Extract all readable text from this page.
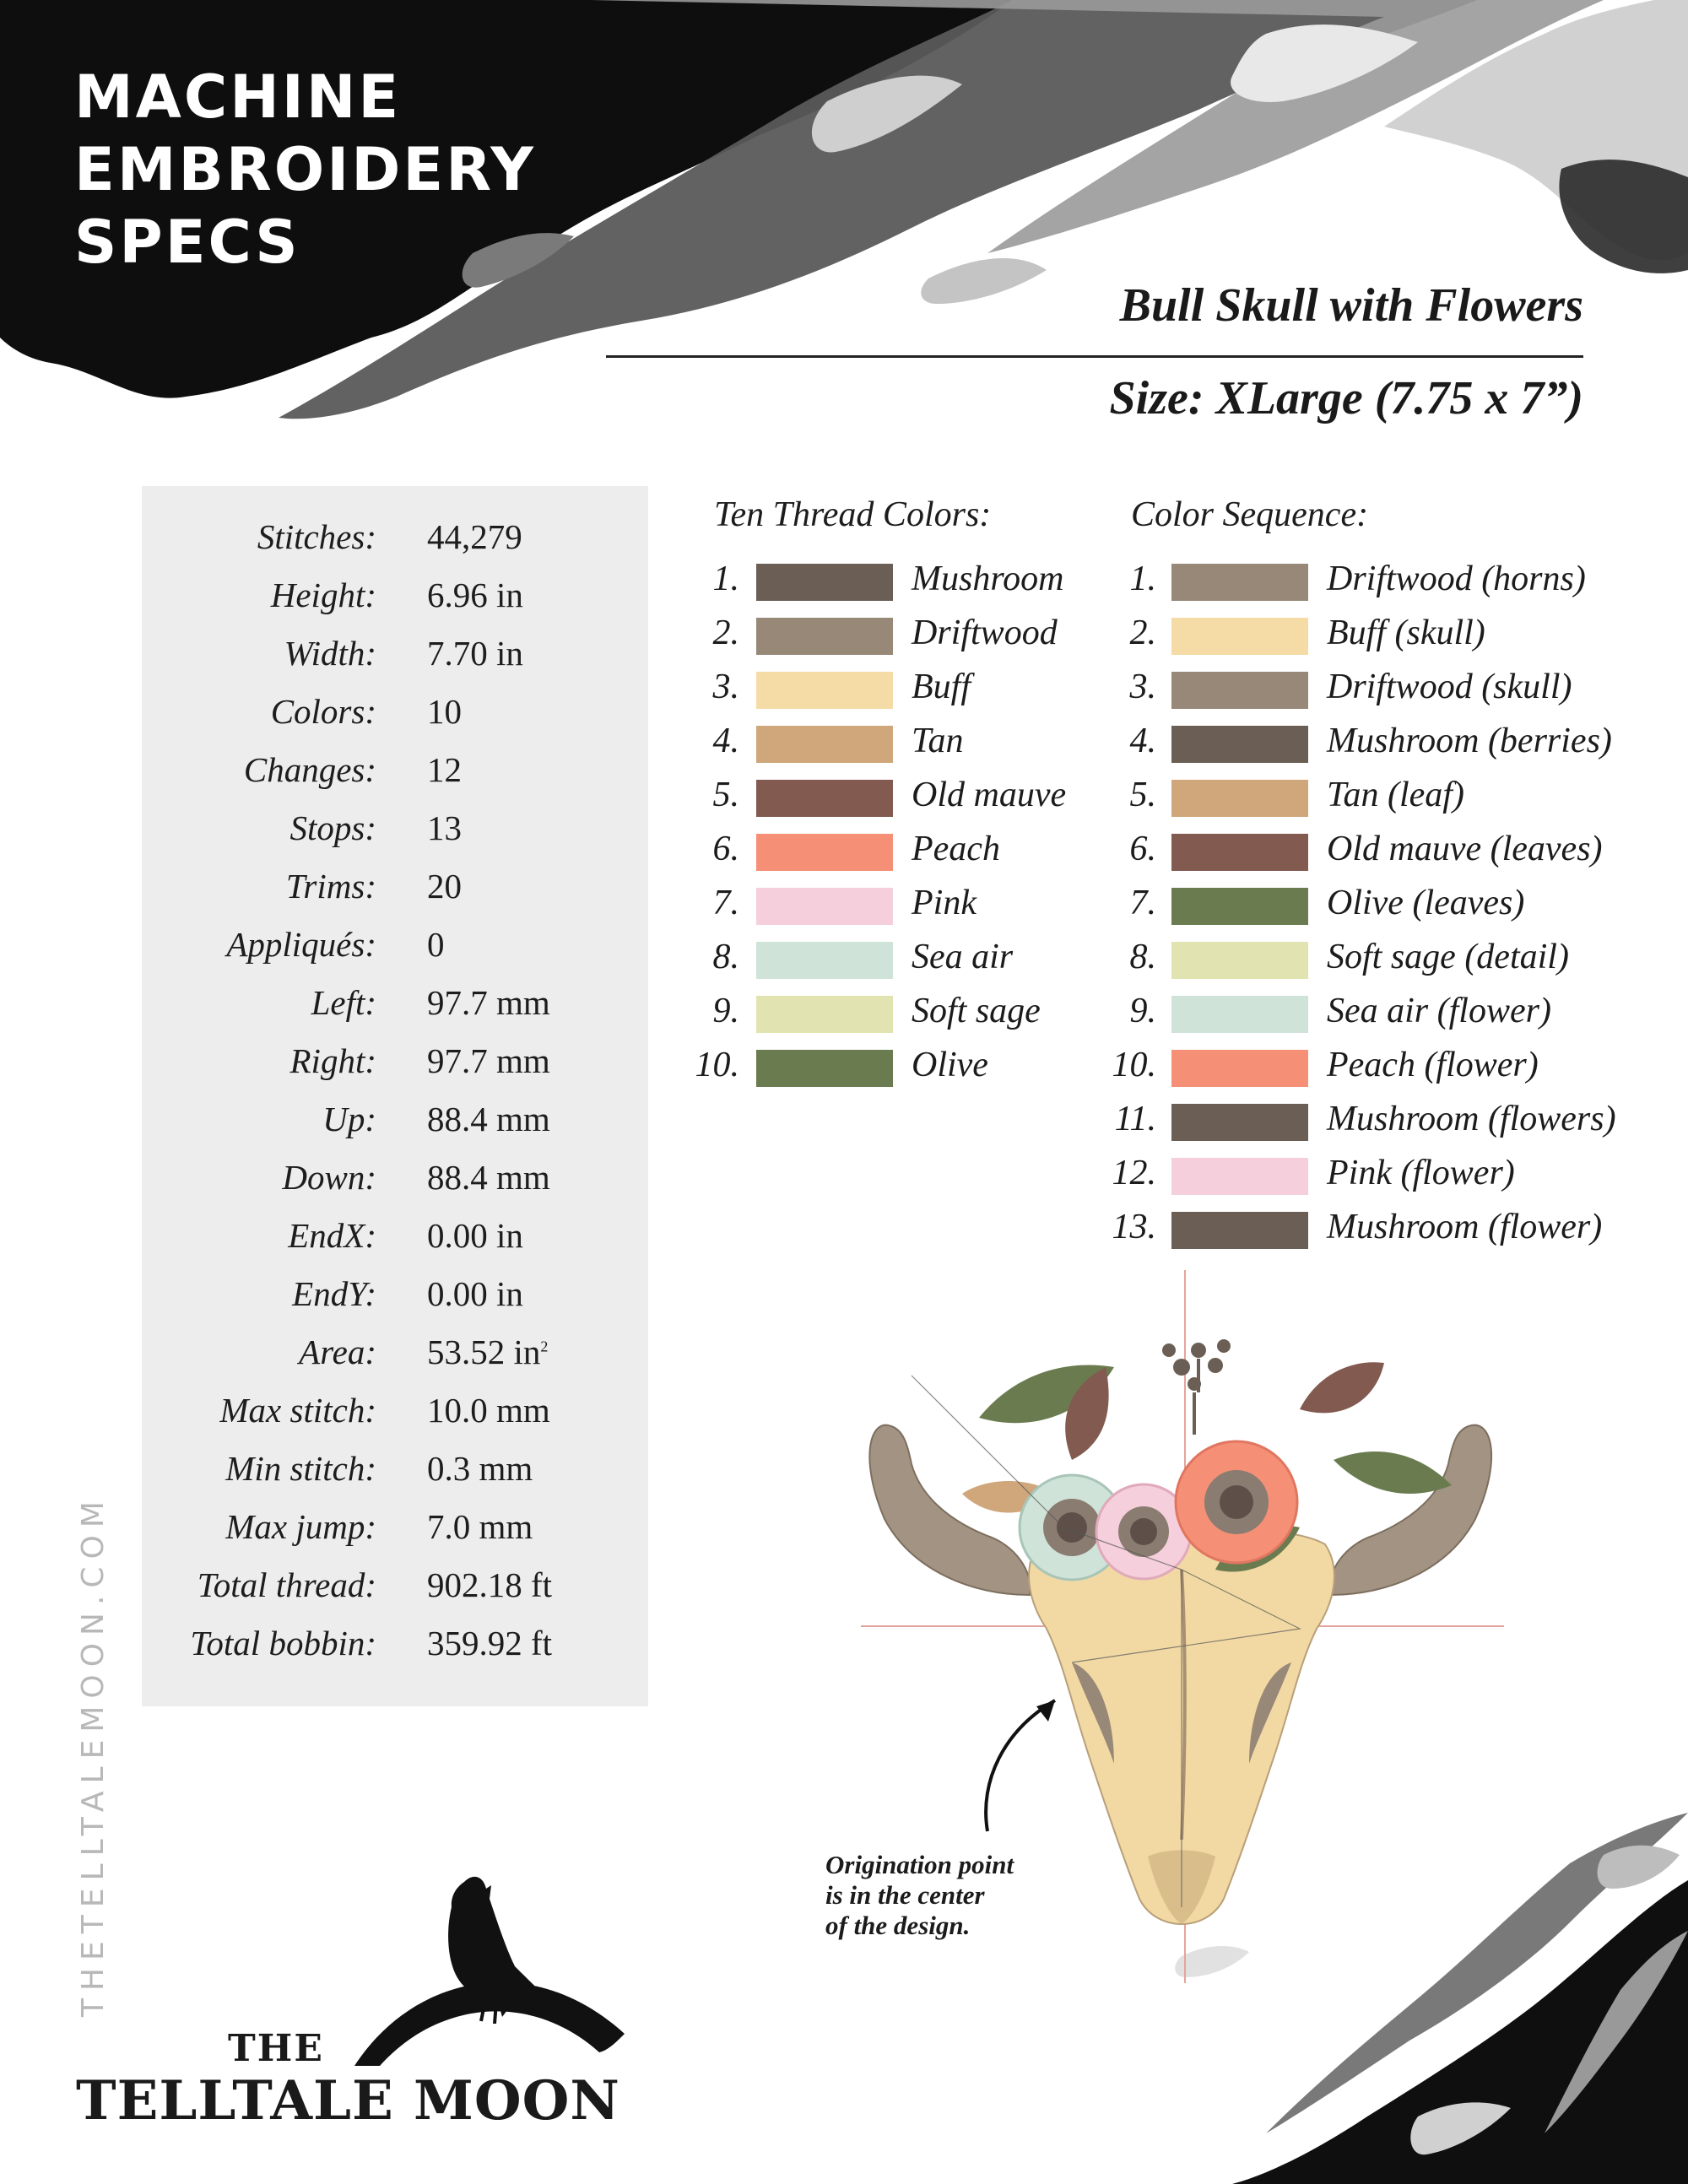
MACHINE
EMBROIDERY
SPECS
Bull Skull with Flowers
Size: XLarge (7.75 x 7”)
Stitches: 44,279
Height: 6.96 in
Width: 7.70 in
Colors: 10
Changes: 12
Stops: 13
Trims: 20
Appliqués: 0
Left: 97.7 mm
Right: 97.7 mm
Up: 88.4 mm
Down: 88.4 mm
EndX: 0.00 in
EndY: 0.00 in
Area: 53.52 $in^2$
Max stitch: 10.0 mm
Min stitch: 0.3 mm
Max jump: 7.0 mm
Total thread: 902.18 ft
Total bobbin: 359.92 ft
Ten Thread Colors:
1.	Mushroom
2.	Driftwood
3.	Buff
4.	Tan
5.	Old mauve
6.	Peach
7.	Pink
8.	Sea air
9.	Soft sage
10.	Olive
Color Sequence:
1.	Driftwood (horns)
2.	Buff (skull)
3.	Driftwood (skull)
4.	Mushroom (berries)
5.	Tan (leaf)
6.	Old mauve (leaves)
7.	Olive (leaves)
8.	Soft sage (detail)
9.	Sea air (flower)
10.	Peach (flower)
11.	Mushroom (flowers)
12.	Pink (flower)
13.	Mushroom (flower)
Origination point
is in the center
of the design.
THETELLTALEMOON.COM
THE
TELLTALE MOON
